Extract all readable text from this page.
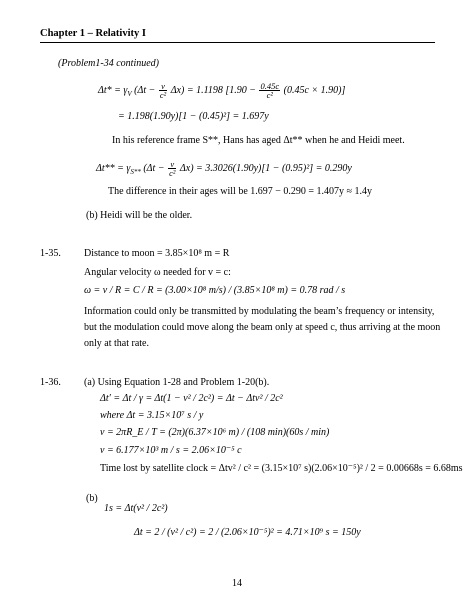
Chapter 1 – Relativity I
(Problem1-34 continued)
$\Delta t* = \gamma_V$ $(\Delta t - \frac{v}{\text{c²}} \Delta x) = 1.1198$ $[1.90 - \frac{0.45c}{\text{c²}} (0.45c \times 1.90)]$
= 1.198(1.90y)[1 − (0.45)²] = 1.697y
In his reference frame S**, Hans has aged Δt** when he and Heidi meet.
$\Delta t** = \gamma_{S**}$ $(\Delta t - \frac{v}{\text{c²}} \Delta x) = 3.3026(1.90y)[1 - (0.95)^2] = 0.290y$
The difference in their ages will be 1.697 − 0.290 = 1.407y ≈ 1.4y
(b) Heidi will be the older.
1-35. Distance to moon = 3.85×10⁸ m = R
Angular velocity ω needed for v = c:
ω = v / R = C / R = (3.00×10⁸ m/s) / (3.85×10⁸ m) = 0.78 rad / s
Information could only be transmitted by modulating the beam’s frequency or intensity,
but the modulation could move along the beam only at speed c, thus arriving at the moon
only at that rate.
1-36. (a) Using Equation 1-28 and Problem 1-20(b).
Δt′ = Δt / γ = Δt(1 − v² / 2c²) = Δt − Δtv² / 2c²
where Δt = 3.15×10⁷ s / y
v = 2πR_E / T = (2π)(6.37×10⁶ m) / (108 min)(60s / min)
v = 6.177×10³ m / s = 2.06×10⁻⁵ c
Time lost by satellite clock = Δtv² / c² = (3.15×10⁷ s)(2.06×10⁻⁵)² / 2 = 0.00668s = 6.68ms
(b)
1s = Δt(v² / 2c²)
Δt = 2 / (v² / c²) = 2 / (2.06×10⁻⁵)² = 4.71×10⁹ s = 150y
14
